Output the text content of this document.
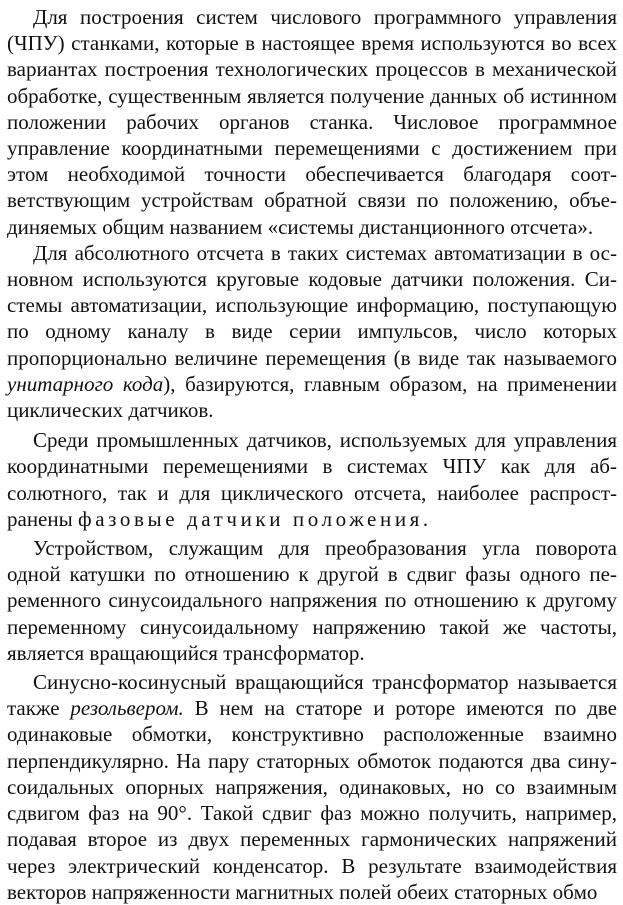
Для построения систем числового программного управления (ЧПУ) станками, которые в настоящее время используются во всех вариантах построения технологических процессов в механической обработке, существенным является получение данных об истинном положении рабочих органов станка. Числовое программное управление координатными перемещениями с достижением при этом необходимой точности обеспечивается благодаря соответствующим устройствам обратной связи по положению, объединяемых общим названием «системы дистанционного отсчета».

Для абсолютного отсчета в таких системах автоматизации в основном используются круговые кодовые датчики положения. Системы автоматизации, использующие информацию, поступающую по одному каналу в виде серии импульсов, число которых пропорционально величине перемещения (в виде так называемого унитарного кода), базируются, главным образом, на применении циклических датчиков.

Среди промышленных датчиков, используемых для управления координатными перемещениями в системах ЧПУ как для абсолютного, так и для циклического отсчета, наиболее распространены фазовые датчики положения.

Устройством, служащим для преобразования угла поворота одной катушки по отношению к другой в сдвиг фазы одного переменного синусоидального напряжения по отношению к другому переменному синусоидальному напряжению такой же частоты, является вращающийся трансформатор.

Синусно-косинусный вращающийся трансформатор называется также резольвером. В нем на статоре и роторе имеются по две одинаковые обмотки, конструктивно расположенные взаимно перпендикулярно. На пару статорных обмоток подаются два синусоидальных опорных напряжения, одинаковых, но со взаимным сдвигом фаз на 90°. Такой сдвиг фаз можно получить, например, подавая второе из двух переменных гармонических напряжений через электрический конденсатор. В результате взаимодействия векторов напряженности магнитных полей обеих статорных обмо
